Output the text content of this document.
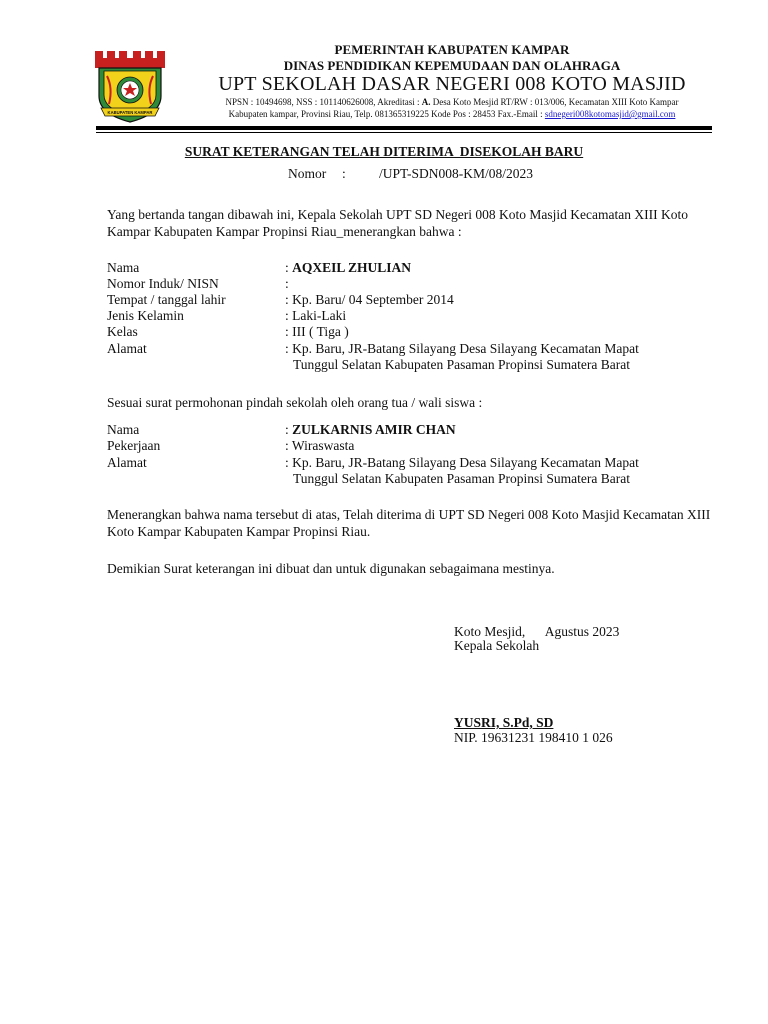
KABUPATEN KAMPAR
PEMERINTAH KABUPATEN KAMPAR
DINAS PENDIDIKAN KEPEMUDAAN DAN OLAHRAGA
UPT SEKOLAH DASAR NEGERI 008 KOTO MASJID
NPSN : 10494698, NSS : 101140626008, Akreditasi : A. Desa Koto Mesjid RT/RW : 013/006, Kecamatan XIII Koto Kampar
Kabupaten kampar, Provinsi Riau, Telp. 081365319225 Kode Pos : 28453 Fax.-Email : sdnegeri008kotomasjid@gmail.com
SURAT KETERANGAN TELAH DITERIMA  DISEKOLAH BARU
Nomor : /UPT-SDN008-KM/08/2023
Yang bertanda tangan dibawah ini, Kepala Sekolah UPT SD Negeri 008 Koto Masjid Kecamatan XIII Koto Kampar Kabupaten Kampar Propinsi Riau_menerangkan bahwa :
Nama
Nomor Induk/ NISN
Tempat / tanggal lahir
Jenis Kelamin
Kelas
Alamat
: AQXEIL ZHULIAN
:
: Kp. Baru/ 04 September 2014
: Laki-Laki
: III ( Tiga )
: Kp. Baru, JR-Batang Silayang Desa Silayang Kecamatan Mapat
Tunggul Selatan Kabupaten Pasaman Propinsi Sumatera Barat
Sesuai surat permohonan pindah sekolah oleh orang tua / wali siswa :
Nama
Pekerjaan
Alamat
: ZULKARNIS AMIR CHAN
: Wiraswasta
: Kp. Baru, JR-Batang Silayang Desa Silayang Kecamatan Mapat
Tunggul Selatan Kabupaten Pasaman Propinsi Sumatera Barat
Menerangkan bahwa nama tersebut di atas, Telah diterima di UPT SD Negeri 008 Koto Masjid Kecamatan XIII Koto Kampar Kabupaten Kampar Propinsi Riau.
Demikian Surat keterangan ini dibuat dan untuk digunakan sebagaimana mestinya.
Koto Mesjid,      Agustus 2023
Kepala Sekolah
YUSRI, S.Pd, SD
NIP. 19631231 198410 1 026
